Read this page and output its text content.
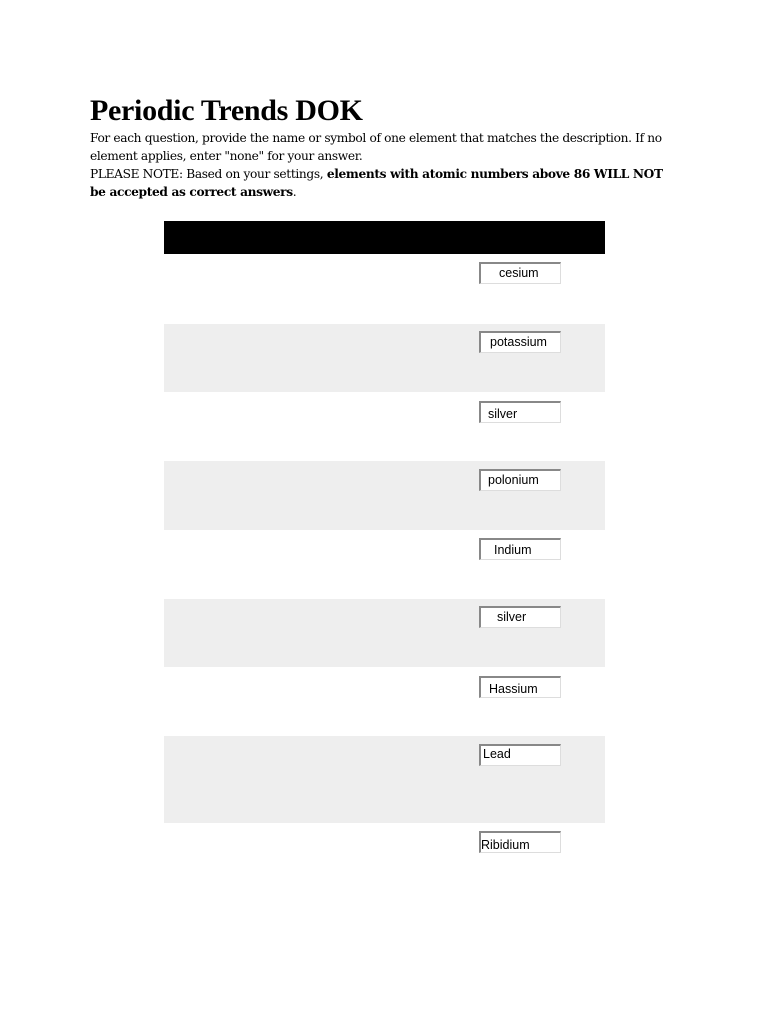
Periodic Trends DOK
For each question, provide the name or symbol of one element that matches the description. If no element applies, enter "none" for your answer.
PLEASE NOTE: Based on your settings, elements with atomic numbers above 86 WILL NOT be accepted as correct answers.
cesium
potassium
silver
polonium
Indium
silver
Hassium
Lead
Ribidium
